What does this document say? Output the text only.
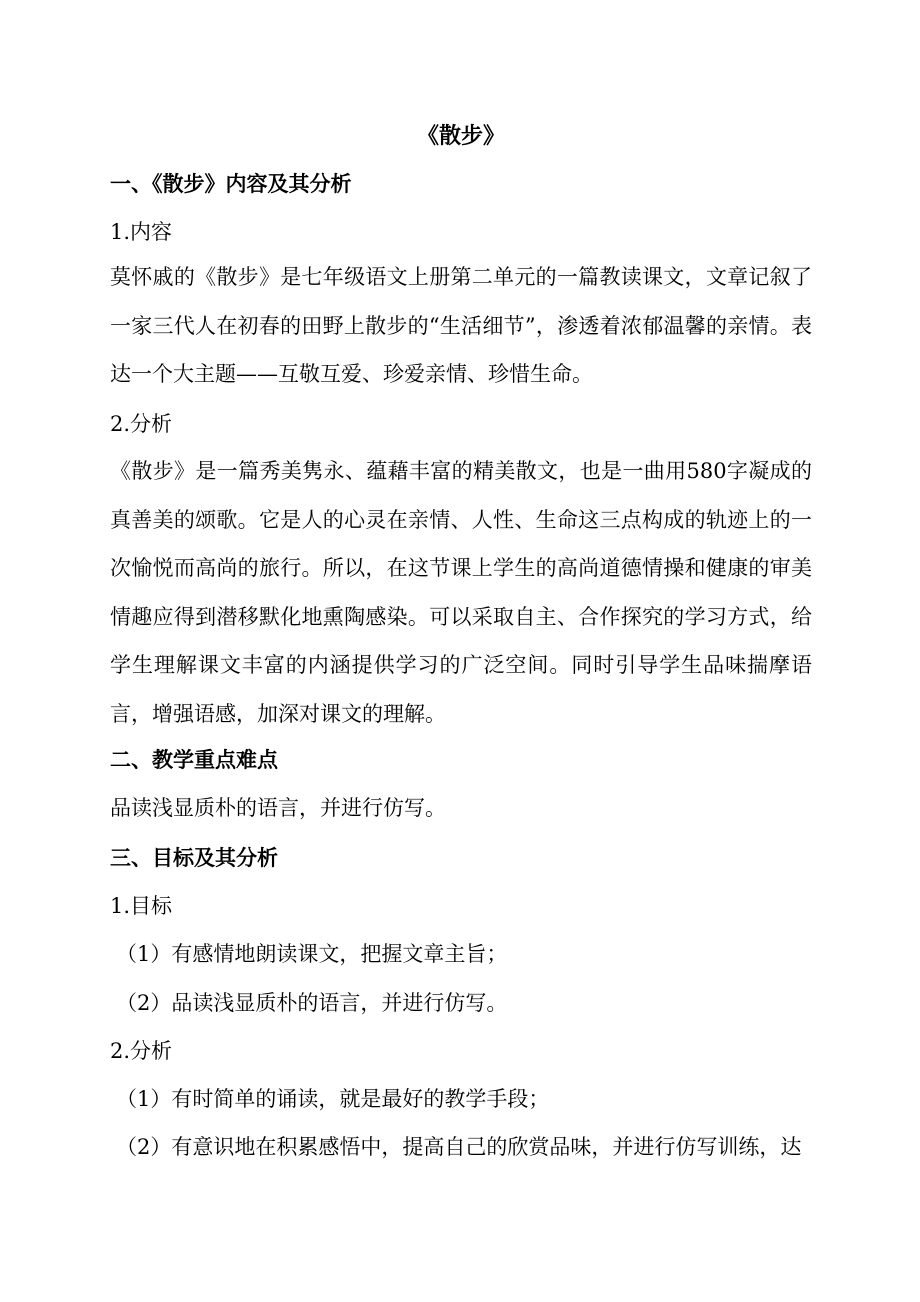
《散步》

一、《散步》内容及其分析

1.内容

莫怀戚的《散步》是七年级语文上册第二单元的一篇教读课文，文章记叙了一家三代人在初春的田野上散步的“生活细节”，渗透着浓郁温馨的亲情。表达一个大主题——互敬互爱、珍爱亲情、珍惜生命。

2.分析

《散步》是一篇秀美隽永、蕴藉丰富的精美散文，也是一曲用580字凝成的真善美的颂歌。它是人的心灵在亲情、人性、生命这三点构成的轨迹上的一次愉悦而高尚的旅行。所以，在这节课上学生的高尚道德情操和健康的审美情趣应得到潜移默化地熏陶感染。可以采取自主、合作探究的学习方式，给学生理解课文丰富的内涵提供学习的广泛空间。同时引导学生品味揣摩语言，增强语感，加深对课文的理解。

二、教学重点难点

品读浅显质朴的语言，并进行仿写。

三、目标及其分析

1.目标

（1）有感情地朗读课文，把握文章主旨；

（2）品读浅显质朴的语言，并进行仿写。

2.分析

（1）有时简单的诵读，就是最好的教学手段；

（2）有意识地在积累感悟中，提高自己的欣赏品味，并进行仿写训练，达
